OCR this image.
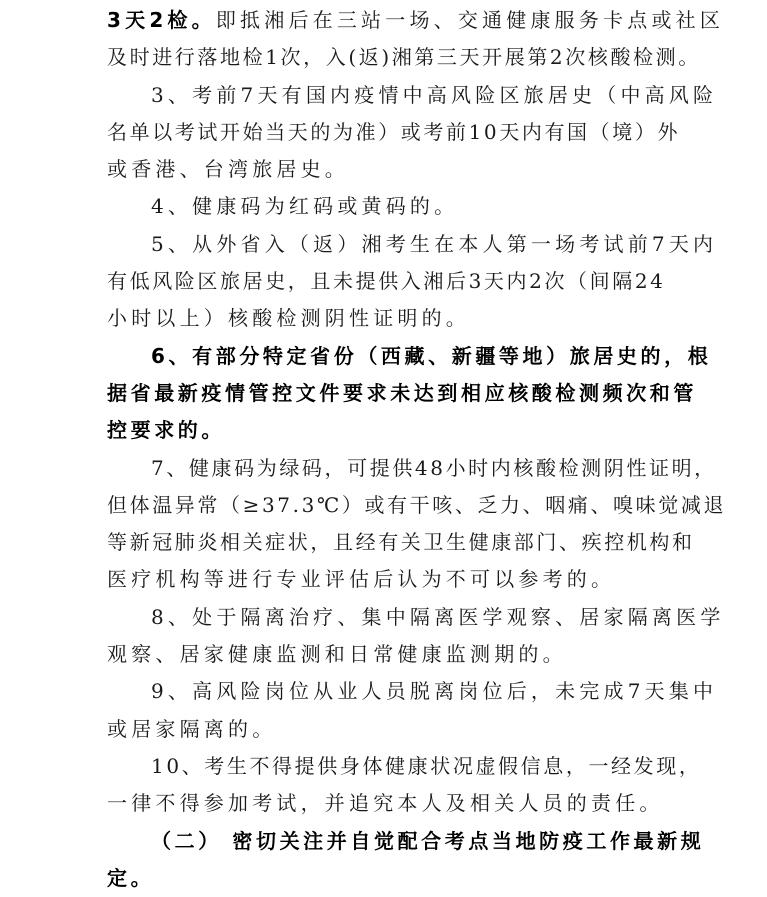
3天2检。即抵湘后在三站一场、交通健康服务卡点或社区
及时进行落地检1次，入(返)湘第三天开展第2次核酸检测。
3、考前7天有国内疫情中高风险区旅居史（中高风险
名单以考试开始当天的为准）或考前10天内有国（境）外
或香港、台湾旅居史。
4、健康码为红码或黄码的。
5、从外省入（返）湘考生在本人第一场考试前7天内
有低风险区旅居史，且未提供入湘后3天内2次（间隔24
小时以上）核酸检测阴性证明的。
6、有部分特定省份（西藏、新疆等地）旅居史的，根
据省最新疫情管控文件要求未达到相应核酸检测频次和管
控要求的。
7、健康码为绿码，可提供48小时内核酸检测阴性证明，
但体温异常（≥37.3℃）或有干咳、乏力、咽痛、嗅味觉减退
等新冠肺炎相关症状，且经有关卫生健康部门、疾控机构和
医疗机构等进行专业评估后认为不可以参考的。
8、处于隔离治疗、集中隔离医学观察、居家隔离医学
观察、居家健康监测和日常健康监测期的。
9、高风险岗位从业人员脱离岗位后，未完成7天集中
或居家隔离的。
10、考生不得提供身体健康状况虚假信息，一经发现，
一律不得参加考试，并追究本人及相关人员的责任。
（二） 密切关注并自觉配合考点当地防疫工作最新规
定。
